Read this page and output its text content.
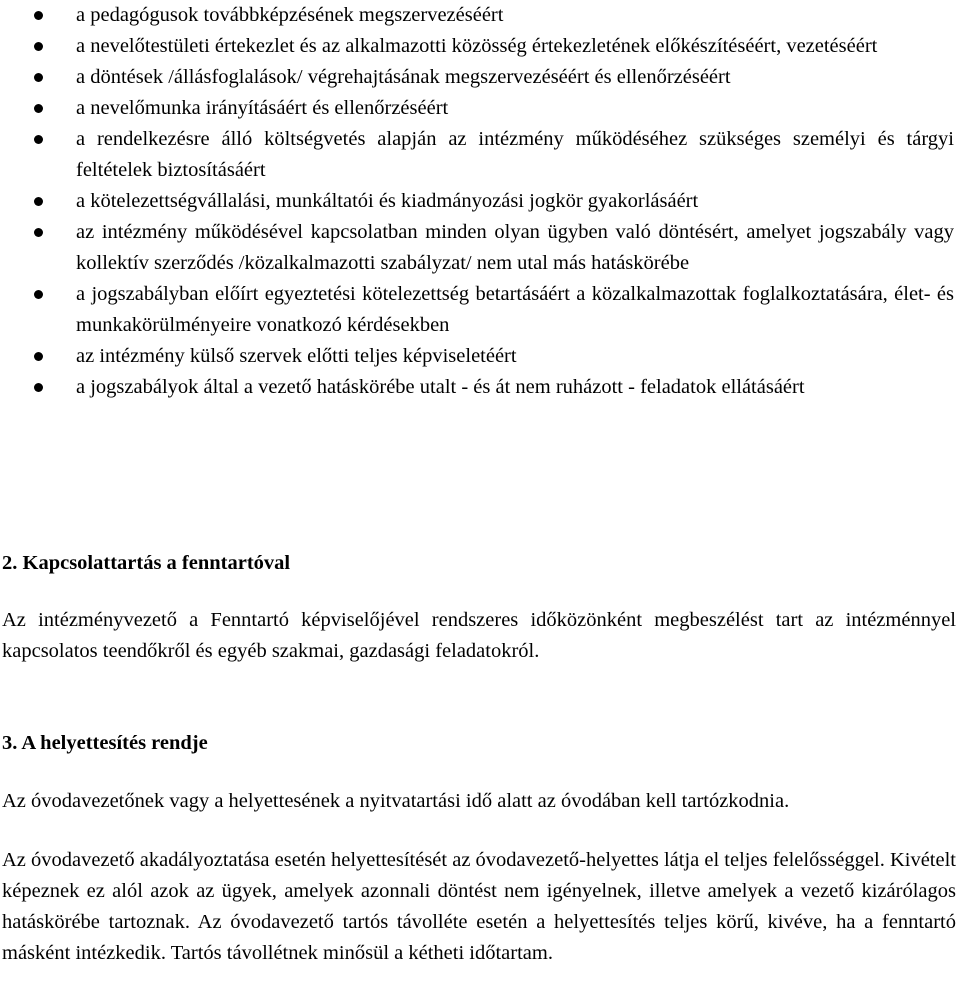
a pedagógusok továbbképzésének megszervezéséért
a nevelőtestületi értekezlet és az alkalmazotti közösség értekezletének előkészítéséért, vezetéséért
a döntések /állásfoglalások/ végrehajtásának megszervezéséért és ellenőrzéséért
a nevelőmunka irányításáért és ellenőrzéséért
a rendelkezésre álló költségvetés alapján az intézmény működéséhez szükséges személyi és tárgyi feltételek biztosításáért
a kötelezettségvállalási, munkáltatói és kiadmányozási jogkör gyakorlásáért
az intézmény működésével kapcsolatban minden olyan ügyben való döntésért, amelyet jogszabály vagy kollektív szerződés /közalkalmazotti szabályzat/ nem utal más hatáskörébe
a jogszabályban előírt egyeztetési kötelezettség betartásáért a közalkalmazottak foglalkoztatására, élet- és munkakörülményeire vonatkozó kérdésekben
az intézmény külső szervek előtti teljes képviseletéért
a jogszabályok által a vezető hatáskörébe utalt - és át nem ruházott - feladatok ellátásáért
2. Kapcsolattartás a fenntartóval
Az intézményvezető a Fenntartó képviselőjével rendszeres időközönként megbeszélést tart az intézménnyel kapcsolatos teendőkről és egyéb szakmai, gazdasági feladatokról.
3. A helyettesítés rendje
Az óvodavezetőnek vagy a helyettesének a nyitvatartási idő alatt az óvodában kell tartózkodnia.
Az óvodavezető akadályoztatása esetén helyettesítését az óvodavezető-helyettes látja el teljes felelősséggel. Kivételt képeznek ez alól azok az ügyek, amelyek azonnali döntést nem igényelnek, illetve amelyek a vezető kizárólagos hatáskörébe tartoznak. Az óvodavezető tartós távolléte esetén a helyettesítés teljes körű, kivéve, ha a fenntartó másként intézkedik. Tartós távollétnek minősül a kétheti időtartam.
